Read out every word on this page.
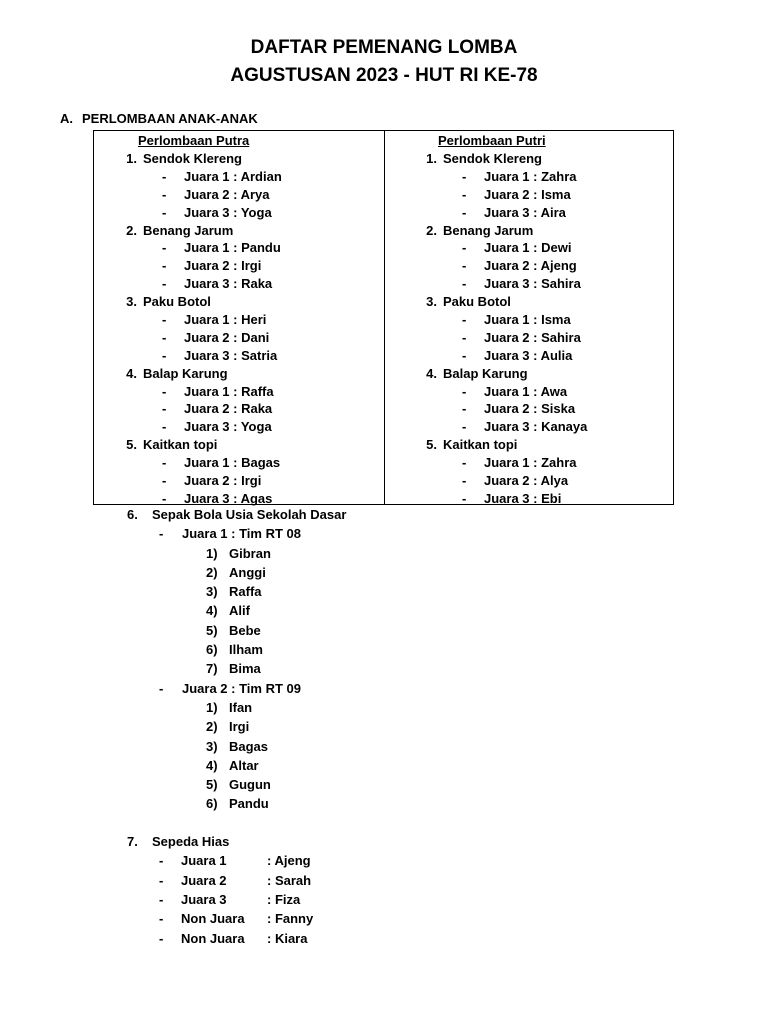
DAFTAR PEMENANG LOMBA
AGUSTUSAN 2023 - HUT RI KE-78
A. PERLOMBAAN ANAK-ANAK
Perlombaan Putra
1. Sendok Klereng
- Juara 1 : Ardian
- Juara 2 : Arya
- Juara 3 : Yoga
2. Benang Jarum
- Juara 1 : Pandu
- Juara 2 : Irgi
- Juara 3 : Raka
3. Paku Botol
- Juara 1 : Heri
- Juara 2 : Dani
- Juara 3 : Satria
4. Balap Karung
- Juara 1 : Raffa
- Juara 2 : Raka
- Juara 3 : Yoga
5. Kaitkan topi
- Juara 1 : Bagas
- Juara 2 : Irgi
- Juara 3 : Agas
Perlombaan Putri
1. Sendok Klereng
- Juara 1 : Zahra
- Juara 2 : Isma
- Juara 3 : Aira
2. Benang Jarum
- Juara 1 : Dewi
- Juara 2 : Ajeng
- Juara 3 : Sahira
3. Paku Botol
- Juara 1 : Isma
- Juara 2 : Sahira
- Juara 3 : Aulia
4. Balap Karung
- Juara 1 : Awa
- Juara 2 : Siska
- Juara 3 : Kanaya
5. Kaitkan topi
- Juara 1 : Zahra
- Juara 2 : Alya
- Juara 3 : Ebi
6. Sepak Bola Usia Sekolah Dasar
- Juara 1 : Tim RT 08
1) Gibran
2) Anggi
3) Raffa
4) Alif
5) Bebe
6) Ilham
7) Bima
- Juara 2 : Tim RT 09
1) Ifan
2) Irgi
3) Bagas
4) Altar
5) Gugun
6) Pandu
7. Sepeda Hias
- Juara 1	: Ajeng
- Juara 2	: Sarah
- Juara 3	: Fiza
- Non Juara : Fanny
- Non Juara : Kiara
